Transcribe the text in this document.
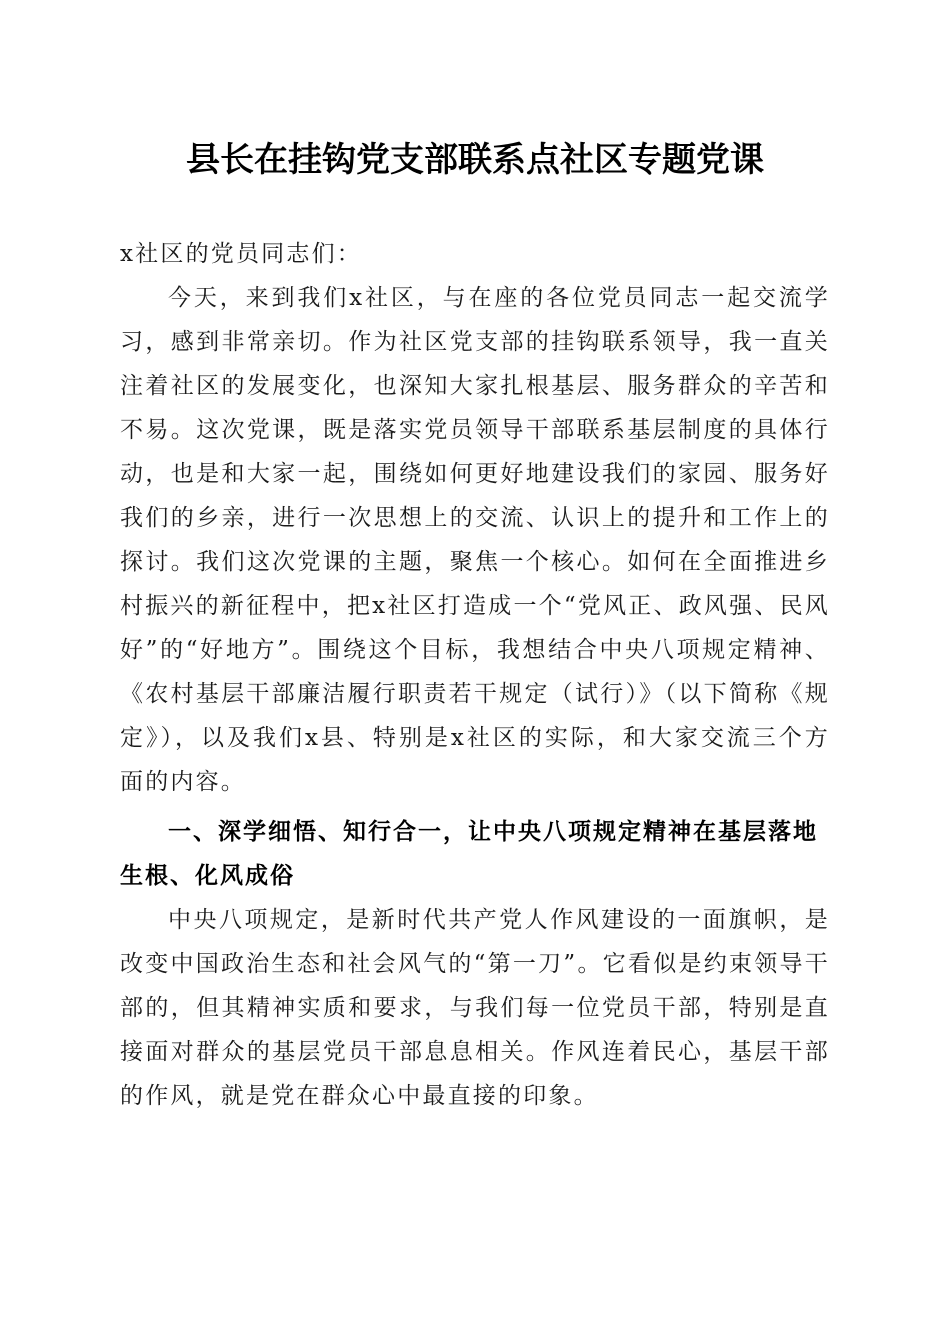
县长在挂钩党支部联系点社区专题党课

x社区的党员同志们：

今天，来到我们x社区，与在座的各位党员同志一起交流学习，感到非常亲切。作为社区党支部的挂钩联系领导，我一直关注着社区的发展变化，也深知大家扎根基层、服务群众的辛苦和不易。这次党课，既是落实党员领导干部联系基层制度的具体行动，也是和大家一起，围绕如何更好地建设我们的家园、服务好我们的乡亲，进行一次思想上的交流、认识上的提升和工作上的探讨。我们这次党课的主题，聚焦一个核心。如何在全面推进乡村振兴的新征程中，把x社区打造成一个“党风正、政风强、民风好”的“好地方”。围绕这个目标，我想结合中央八项规定精神、《农村基层干部廉洁履行职责若干规定（试行）》（以下简称《规定》），以及我们x县、特别是x社区的实际，和大家交流三个方面的内容。

一、深学细悟、知行合一，让中央八项规定精神在基层落地生根、化风成俗

中央八项规定，是新时代共产党人作风建设的一面旗帜，是改变中国政治生态和社会风气的“第一刀”。它看似是约束领导干部的，但其精神实质和要求，与我们每一位党员干部，特别是直接面对群众的基层党员干部息息相关。作风连着民心，基层干部的作风，就是党在群众心中最直接的印象。
